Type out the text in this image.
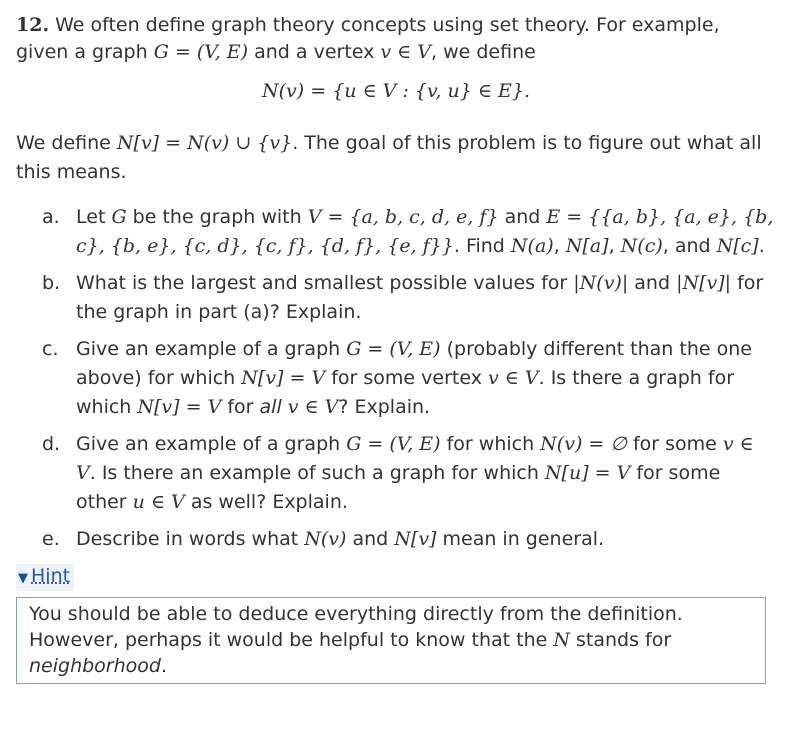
12. We often define graph theory concepts using set theory. For example, given a graph G = (V, E) and a vertex v ∈ V, we define
N(v) = {u ∈ V : {v, u} ∈ E}.
We define N[v] = N(v) ∪ {v}. The goal of this problem is to figure out what all this means.
a. Let G be the graph with V = {a, b, c, d, e, f} and E = {{a, b}, {a, e}, {b, c}, {b, e}, {c, d}, {c, f}, {d, f}, {e, f}}. Find N(a), N[a], N(c), and N[c].
b. What is the largest and smallest possible values for |N(v)| and |N[v]| for the graph in part (a)? Explain.
c. Give an example of a graph G = (V, E) (probably different than the one above) for which N[v] = V for some vertex v ∈ V. Is there a graph for which N[v] = V for all v ∈ V? Explain.
d. Give an example of a graph G = (V, E) for which N(v) = ∅ for some v ∈ V. Is there an example of such a graph for which N[u] = V for some other u ∈ V as well? Explain.
e. Describe in words what N(v) and N[v] mean in general.
▼ Hint
You should be able to deduce everything directly from the definition. However, perhaps it would be helpful to know that the N stands for neighborhood.
